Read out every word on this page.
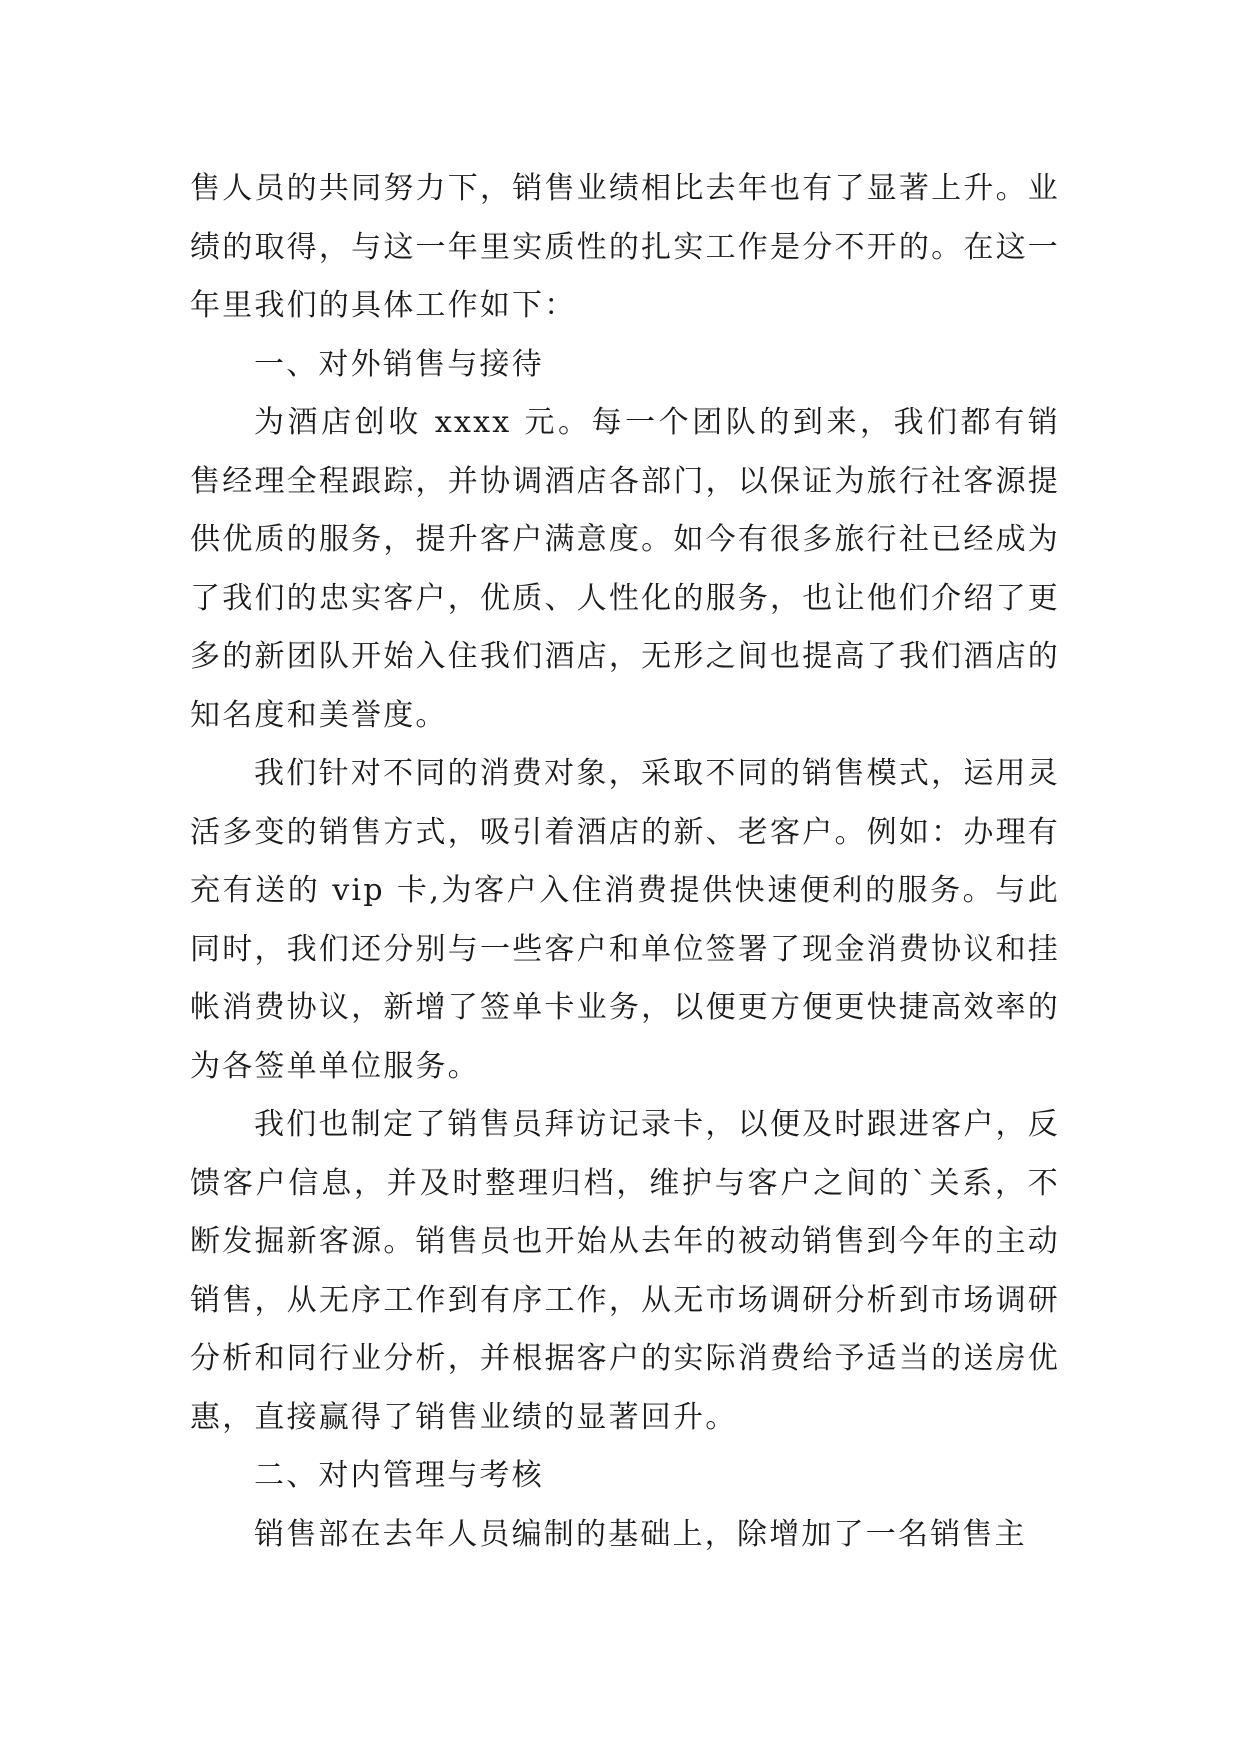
售人员的共同努力下，销售业绩相比去年也有了显著上升。业绩的取得，与这一年里实质性的扎实工作是分不开的。在这一年里我们的具体工作如下：

一、对外销售与接待

为酒店创收 xxxx 元。每一个团队的到来，我们都有销售经理全程跟踪，并协调酒店各部门，以保证为旅行社客源提供优质的服务，提升客户满意度。如今有很多旅行社已经成为了我们的忠实客户，优质、人性化的服务，也让他们介绍了更多的新团队开始入住我们酒店，无形之间也提高了我们酒店的知名度和美誉度。

我们针对不同的消费对象，采取不同的销售模式，运用灵活多变的销售方式，吸引着酒店的新、老客户。例如：办理有充有送的 vip 卡,为客户入住消费提供快速便利的服务。与此同时，我们还分别与一些客户和单位签署了现金消费协议和挂帐消费协议，新增了签单卡业务，以便更方便更快捷高效率的为各签单单位服务。

我们也制定了销售员拜访记录卡，以便及时跟进客户，反馈客户信息，并及时整理归档，维护与客户之间的`关系，不断发掘新客源。销售员也开始从去年的被动销售到今年的主动销售，从无序工作到有序工作，从无市场调研分析到市场调研分析和同行业分析，并根据客户的实际消费给予适当的送房优惠，直接赢得了销售业绩的显著回升。

二、对内管理与考核

销售部在去年人员编制的基础上，除增加了一名销售主
